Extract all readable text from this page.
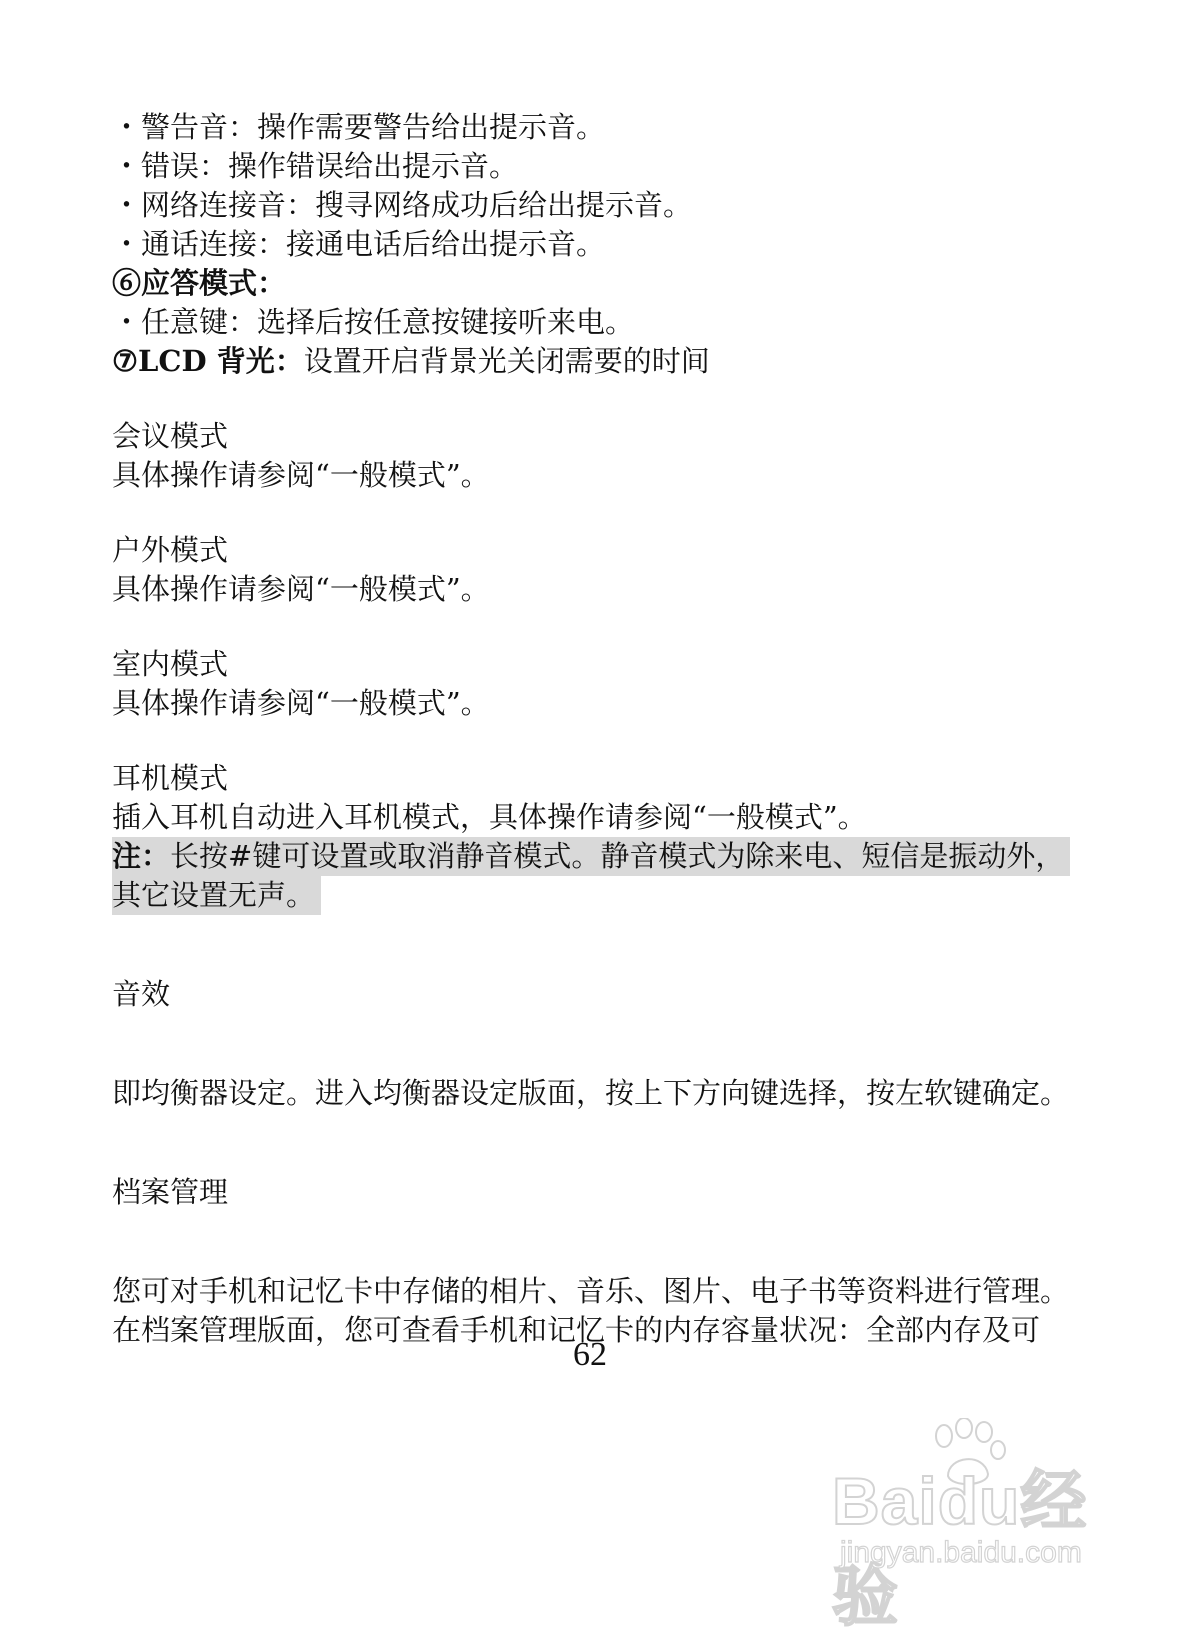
・警告音：操作需要警告给出提示音。
・错误：操作错误给出提示音。
・网络连接音：搜寻网络成功后给出提示音。
・通话连接：接通电话后给出提示音。
⑥应答模式：
・任意键：选择后按任意按键接听来电。
⑦LCD 背光：设置开启背景光关闭需要的时间
会议模式
具体操作请参阅“一般模式”。
户外模式
具体操作请参阅“一般模式”。
室内模式
具体操作请参阅“一般模式”。
耳机模式
插入耳机自动进入耳机模式，具体操作请参阅“一般模式”。
注：长按#键可设置或取消静音模式。静音模式为除来电、短信是振动外，
其它设置无声。
音效
即均衡器设定。进入均衡器设定版面，按上下方向键选择，按左软键确定。
档案管理
您可对手机和记忆卡中存储的相片、音乐、图片、电子书等资料进行管理。
在档案管理版面，您可查看手机和记忆卡的内存容量状况：全部内存及可
62
Baidu经验
jingyan.baidu.com
